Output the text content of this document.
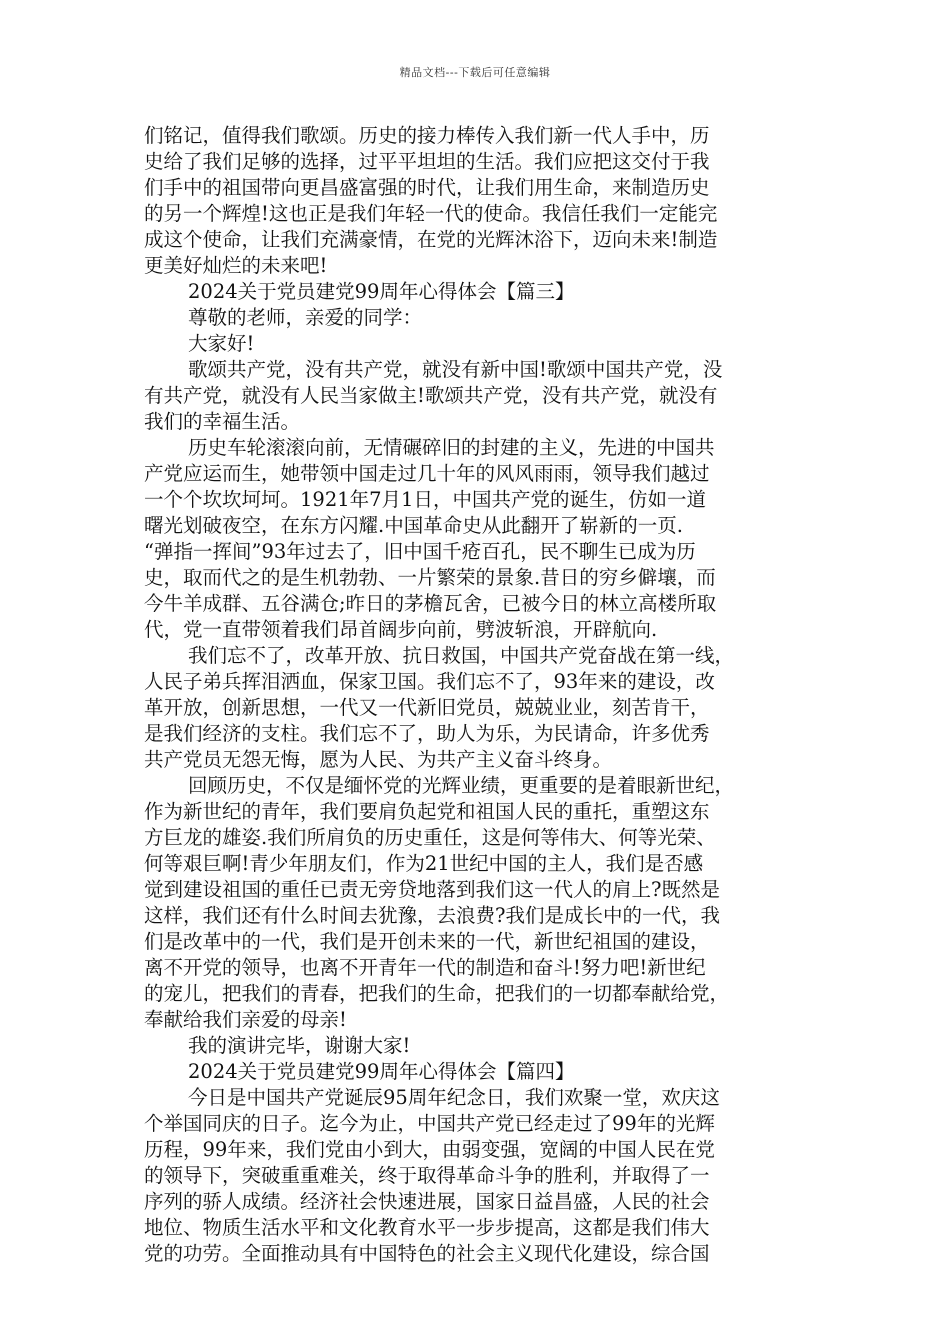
精品文档---下载后可任意编辑
们铭记，值得我们歌颂。历史的接力棒传入我们新一代人手中，历
史给了我们足够的选择，过平平坦坦的生活。我们应把这交付于我
们手中的祖国带向更昌盛富强的时代，让我们用生命，来制造历史
的另一个辉煌!这也正是我们年轻一代的使命。我信任我们一定能完
成这个使命，让我们充满豪情，在党的光辉沐浴下，迈向未来!制造
更美好灿烂的未来吧!
2024关于党员建党99周年心得体会【篇三】
尊敬的老师，亲爱的同学：
大家好!
歌颂共产党，没有共产党，就没有新中国!歌颂中国共产党，没
有共产党，就没有人民当家做主!歌颂共产党，没有共产党，就没有
我们的幸福生活。
历史车轮滚滚向前，无情碾碎旧的封建的主义，先进的中国共
产党应运而生，她带领中国走过几十年的风风雨雨，领导我们越过
一个个坎坎坷坷。1921年7月1日，中国共产党的诞生，仿如一道
曙光划破夜空，在东方闪耀.中国革命史从此翻开了崭新的一页.
“弹指一挥间”93年过去了，旧中国千疮百孔，民不聊生已成为历
史，取而代之的是生机勃勃、一片繁荣的景象.昔日的穷乡僻壤，而
今牛羊成群、五谷满仓;昨日的茅檐瓦舍，已被今日的林立高楼所取
代，党一直带领着我们昂首阔步向前，劈波斩浪，开辟航向.
我们忘不了，改革开放、抗日救国，中国共产党奋战在第一线，
人民子弟兵挥泪洒血，保家卫国。我们忘不了，93年来的建设，改
革开放，创新思想，一代又一代新旧党员，兢兢业业，刻苦肯干，
是我们经济的支柱。我们忘不了，助人为乐，为民请命，许多优秀
共产党员无怨无悔，愿为人民、为共产主义奋斗终身。
回顾历史，不仅是缅怀党的光辉业绩，更重要的是着眼新世纪，
作为新世纪的青年，我们要肩负起党和祖国人民的重托，重塑这东
方巨龙的雄姿.我们所肩负的历史重任，这是何等伟大、何等光荣、
何等艰巨啊!青少年朋友们，作为21世纪中国的主人，我们是否感
觉到建设祖国的重任已责无旁贷地落到我们这一代人的肩上?既然是
这样，我们还有什么时间去犹豫，去浪费?我们是成长中的一代，我
们是改革中的一代，我们是开创未来的一代，新世纪祖国的建设，
离不开党的领导，也离不开青年一代的制造和奋斗!努力吧!新世纪
的宠儿，把我们的青春，把我们的生命，把我们的一切都奉献给党，
奉献给我们亲爱的母亲!
我的演讲完毕，谢谢大家!
2024关于党员建党99周年心得体会【篇四】
今日是中国共产党诞辰95周年纪念日，我们欢聚一堂，欢庆这
个举国同庆的日子。迄今为止，中国共产党已经走过了99年的光辉
历程，99年来，我们党由小到大，由弱变强，宽阔的中国人民在党
的领导下，突破重重难关，终于取得革命斗争的胜利，并取得了一
序列的骄人成绩。经济社会快速进展，国家日益昌盛，人民的社会
地位、物质生活水平和文化教育水平一步步提高，这都是我们伟大
党的功劳。全面推动具有中国特色的社会主义现代化建设，综合国
